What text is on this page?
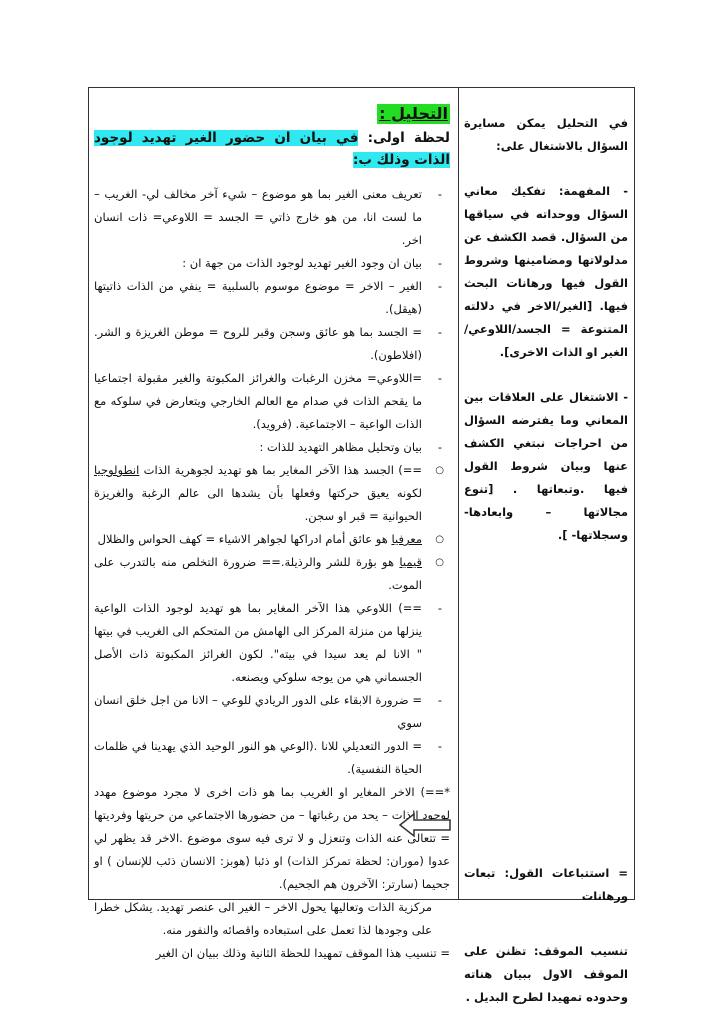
في التحليل يمكن مسايرة السؤال بالاشتغال على:
- المفهمة: تفكيك معاني السؤال ووحداته في سياقها من السؤال. قصد الكشف عن مدلولاتها ومضامينها وشروط القول فيها ورهانات البحث فيها. [الغير/الاخر في دلالته المتنوعة = الجسد/اللاوعي/الغير او الذات الاخرى].
- الاشتغال على العلاقات بين المعاني وما يفترضه السؤال من احراجات نبتغي الكشف عنها وبيان شروط القول فيها .وتبعاتها . [تنوع مجالاتها – وابعادها- وسجلاتها- ].
= استتباعات القول: تبعات ورهانات
تنسيب الموقف: تظنن على الموقف الاول ببيان هناته وحدوده تمهيدا لطرح البديل .
التحليل :
لحظة اولى: في بيان ان حضور الغير تهديد لوجود الذات وذلك ب:
-
تعريف معنى الغير بما هو موضوع – شيء آخر مخالف لي- الغريب – ما لست انا، من هو خارج ذاتي = الجسد = اللاوعي= ذات انسان اخر.
-
بيان ان وجود الغير تهديد لوجود الذات من جهة ان :
-
الغير – الاخر = موضوع موسوم بالسلبية = ينفي من الذات ذاتيتها (هيقل).
-
= الجسد بما هو عائق وسجن وقبر للروح = موطن الغريزة و الشر. (افلاطون).
-
=اللاوعي= مخزن الرغبات والغرائز المكبوتة والغير مقبولة اجتماعيا ما يقحم الذات في صدام مع العالم الخارجي ويتعارض في سلوكه مع الذات الواعية – الاجتماعية. (فرويد).
-
بيان وتحليل مظاهر التهديد للذات :
○
==) الجسد هذا الآخر المغاير بما هو تهديد لجوهرية الذات انطولوجيا لكونه يعيق حركتها وفعلها بأن يشدها الى عالم الرغبة والغريزة الحيوانية = قبر او سجن.
○
معرفيا هو عائق أمام ادراكها لجواهر الاشياء = كهف الحواس والظلال
○
قيميا هو بؤرة للشر والرذيلة.== ضرورة التخلص منه بالتدرب على الموت.
-
==) اللاوعي هذا الآخر المغاير بما هو تهديد لوجود الذات الواعية ينزلها من منزلة المركز الى الهامش من المتحكم الى الغريب في بيتها " الانا لم يعد سيدا في بيته". لكون الغرائز المكبوتة ذات الأصل الجسماني هي من يوجه سلوكي ويصنعه.
-
= ضرورة الابقاء على الدور الريادي للوعي – الانا من اجل خلق انسان سوي
-
= الدور التعديلي للانا .(الوعي هو النور الوحيد الذي يهدينا في ظلمات الحياة النفسية).
*==) الاخر المغاير او الغريب بما هو ذات اخرى لا مجرد موضوع مهدد لوجود الذات – يحد من رغباتها – من حضورها الاجتماعي من حريتها وفرديتها = تتعالى عنه الذات وتنعزل و لا ترى فيه سوى موضوع .الاخر قد يظهر لي عدوا (موران: لحظة تمركز الذات) او ذئبا (هوبز: الانسان ذئب للإنسان ) او جحيما (سارتر: الآخرون هم الجحيم).
مركزية الذات وتعاليها يحول الاخر – الغير الى عنصر تهديد. يشكل خطرا على وجودها لذا تعمل على استبعاده واقصائه والنفور منه.
= تنسيب هذا الموقف تمهيدا للحظة الثانية وذلك ببيان ان الغير
